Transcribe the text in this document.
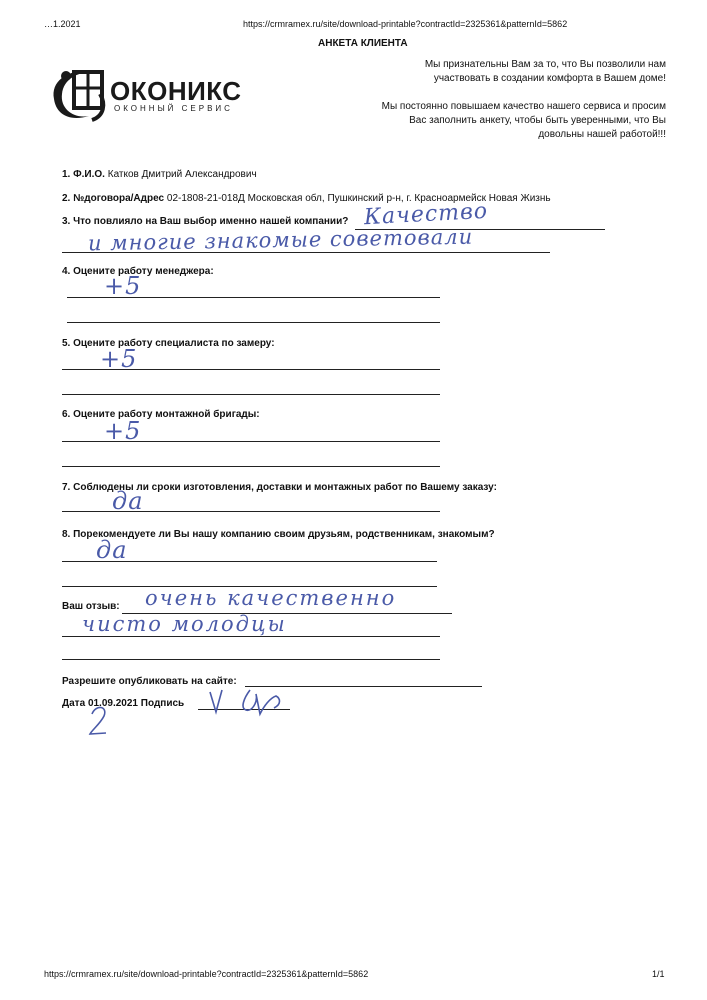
…1.2021	https://crmramex.ru/site/download-printable?contractId=2325361&patternId=5862
АНКЕТА КЛИЕНТА
ОКОНИКС
ОКОННЫЙ СЕРВИС
Мы признательны Вам за то, что Вы позволили нам
участвовать в создании комфорта в Вашем доме!
Мы постоянно повышаем качество нашего сервиса и просим
Вас заполнить анкету, чтобы быть уверенными, что Вы
довольны нашей работой!!!
1. Ф.И.О. Катков Дмитрий Александрович
2. №договора/Адрес 02-1808-21-018Д Московская обл, Пушкинский р-н, г. Красноармейск Новая Жизнь
3. Что повлияло на Ваш выбор именно нашей компании? Качество
и многие знакомые советовали
4. Оцените работу менеджера:
+5
5. Оцените работу специалиста по замеру:
+5
6. Оцените работу монтажной бригады:
+5
7. Соблюдены ли сроки изготовления, доставки и монтажных работ по Вашему заказу:
да
8. Порекомендуете ли Вы нашу компанию своим друзьям, родственникам, знакомым?
да
Ваш отзыв: очень качественно
чисто молодцы
Разрешите опубликовать на сайте:
Дата 01.09.2021 Подпись
https://crmramex.ru/site/download-printable?contractId=2325361&patternId=5862	1/1
